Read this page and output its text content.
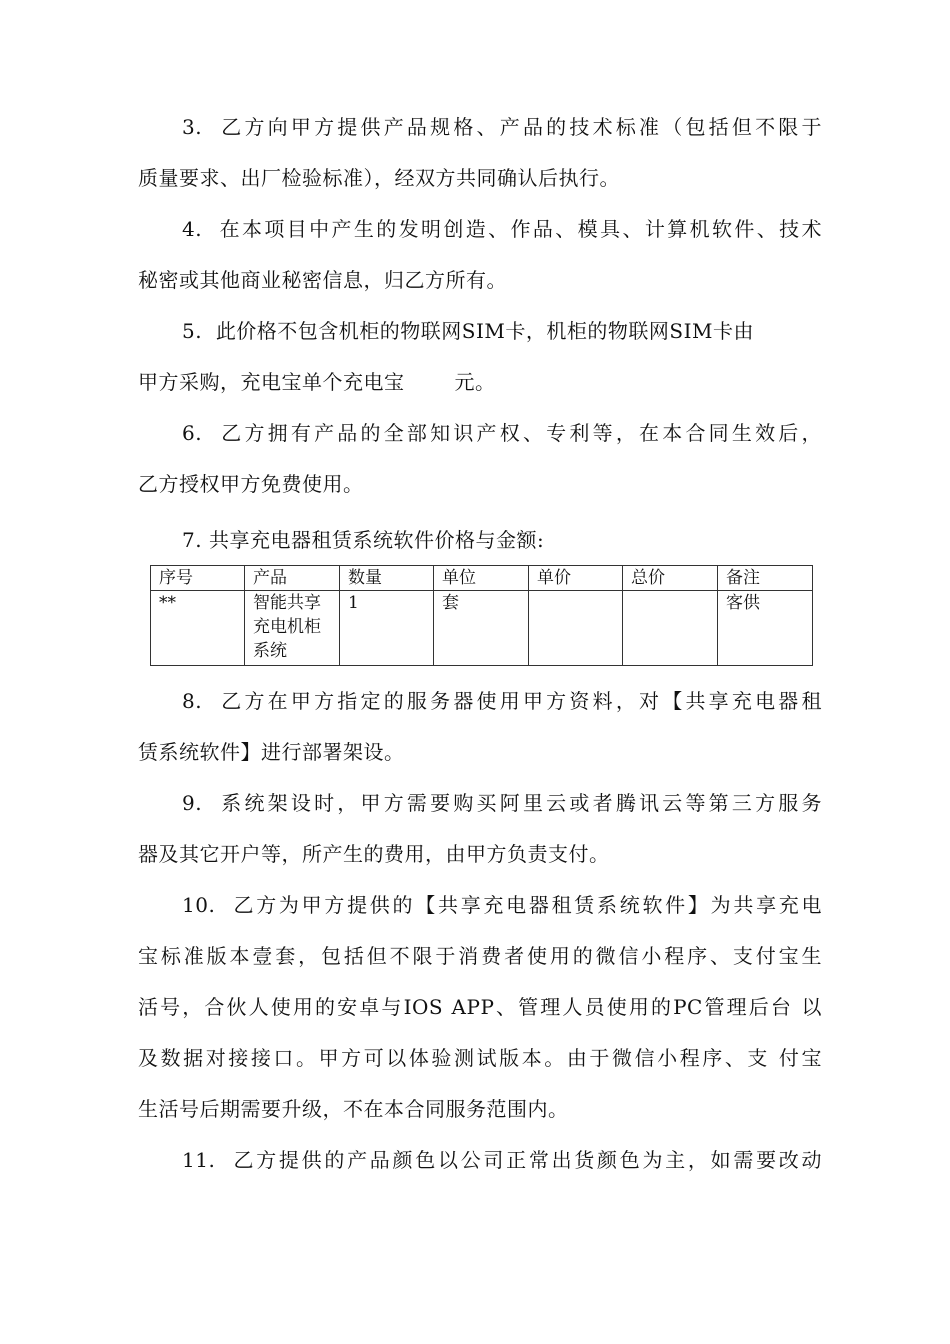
3. 乙方向甲方提供产品规格、产品的技术标准（包括但不限于
质量要求、出厂检验标准），经双方共同确认后执行。
4. 在本项目中产生的发明创造、作品、模具、计算机软件、技术
秘密或其他商业秘密信息，归乙方所有。
5. 此价格不包含机柜的物联网SIM卡，机柜的物联网SIM卡由
甲方采购，充电宝单个充电宝	元。
6. 乙方拥有产品的全部知识产权、专利等，在本合同生效后，
乙方授权甲方免费使用。
7. 共享充电器租赁系统软件价格与金额:
序号	产品	数量	单位	单价	总价	备注
**	智能共享充电机柜系统	1	套			客供
8. 乙方在甲方指定的服务器使用甲方资料，对【共享充电器租
赁系统软件】进行部署架设。
9. 系统架设时，甲方需要购买阿里云或者腾讯云等第三方服务
器及其它开户等，所产生的费用，由甲方负责支付。
10. 乙方为甲方提供的【共享充电器租赁系统软件】为共享充电
宝标准版本壹套，包括但不限于消费者使用的微信小程序、支付宝生
活号，合伙人使用的安卓与IOS APP、管理人员使用的PC管理后台 以
及数据对接接口。甲方可以体验测试版本。由于微信小程序、支 付宝
生活号后期需要升级，不在本合同服务范围内。
11. 乙方提供的产品颜色以公司正常出货颜色为主，如需要改动
